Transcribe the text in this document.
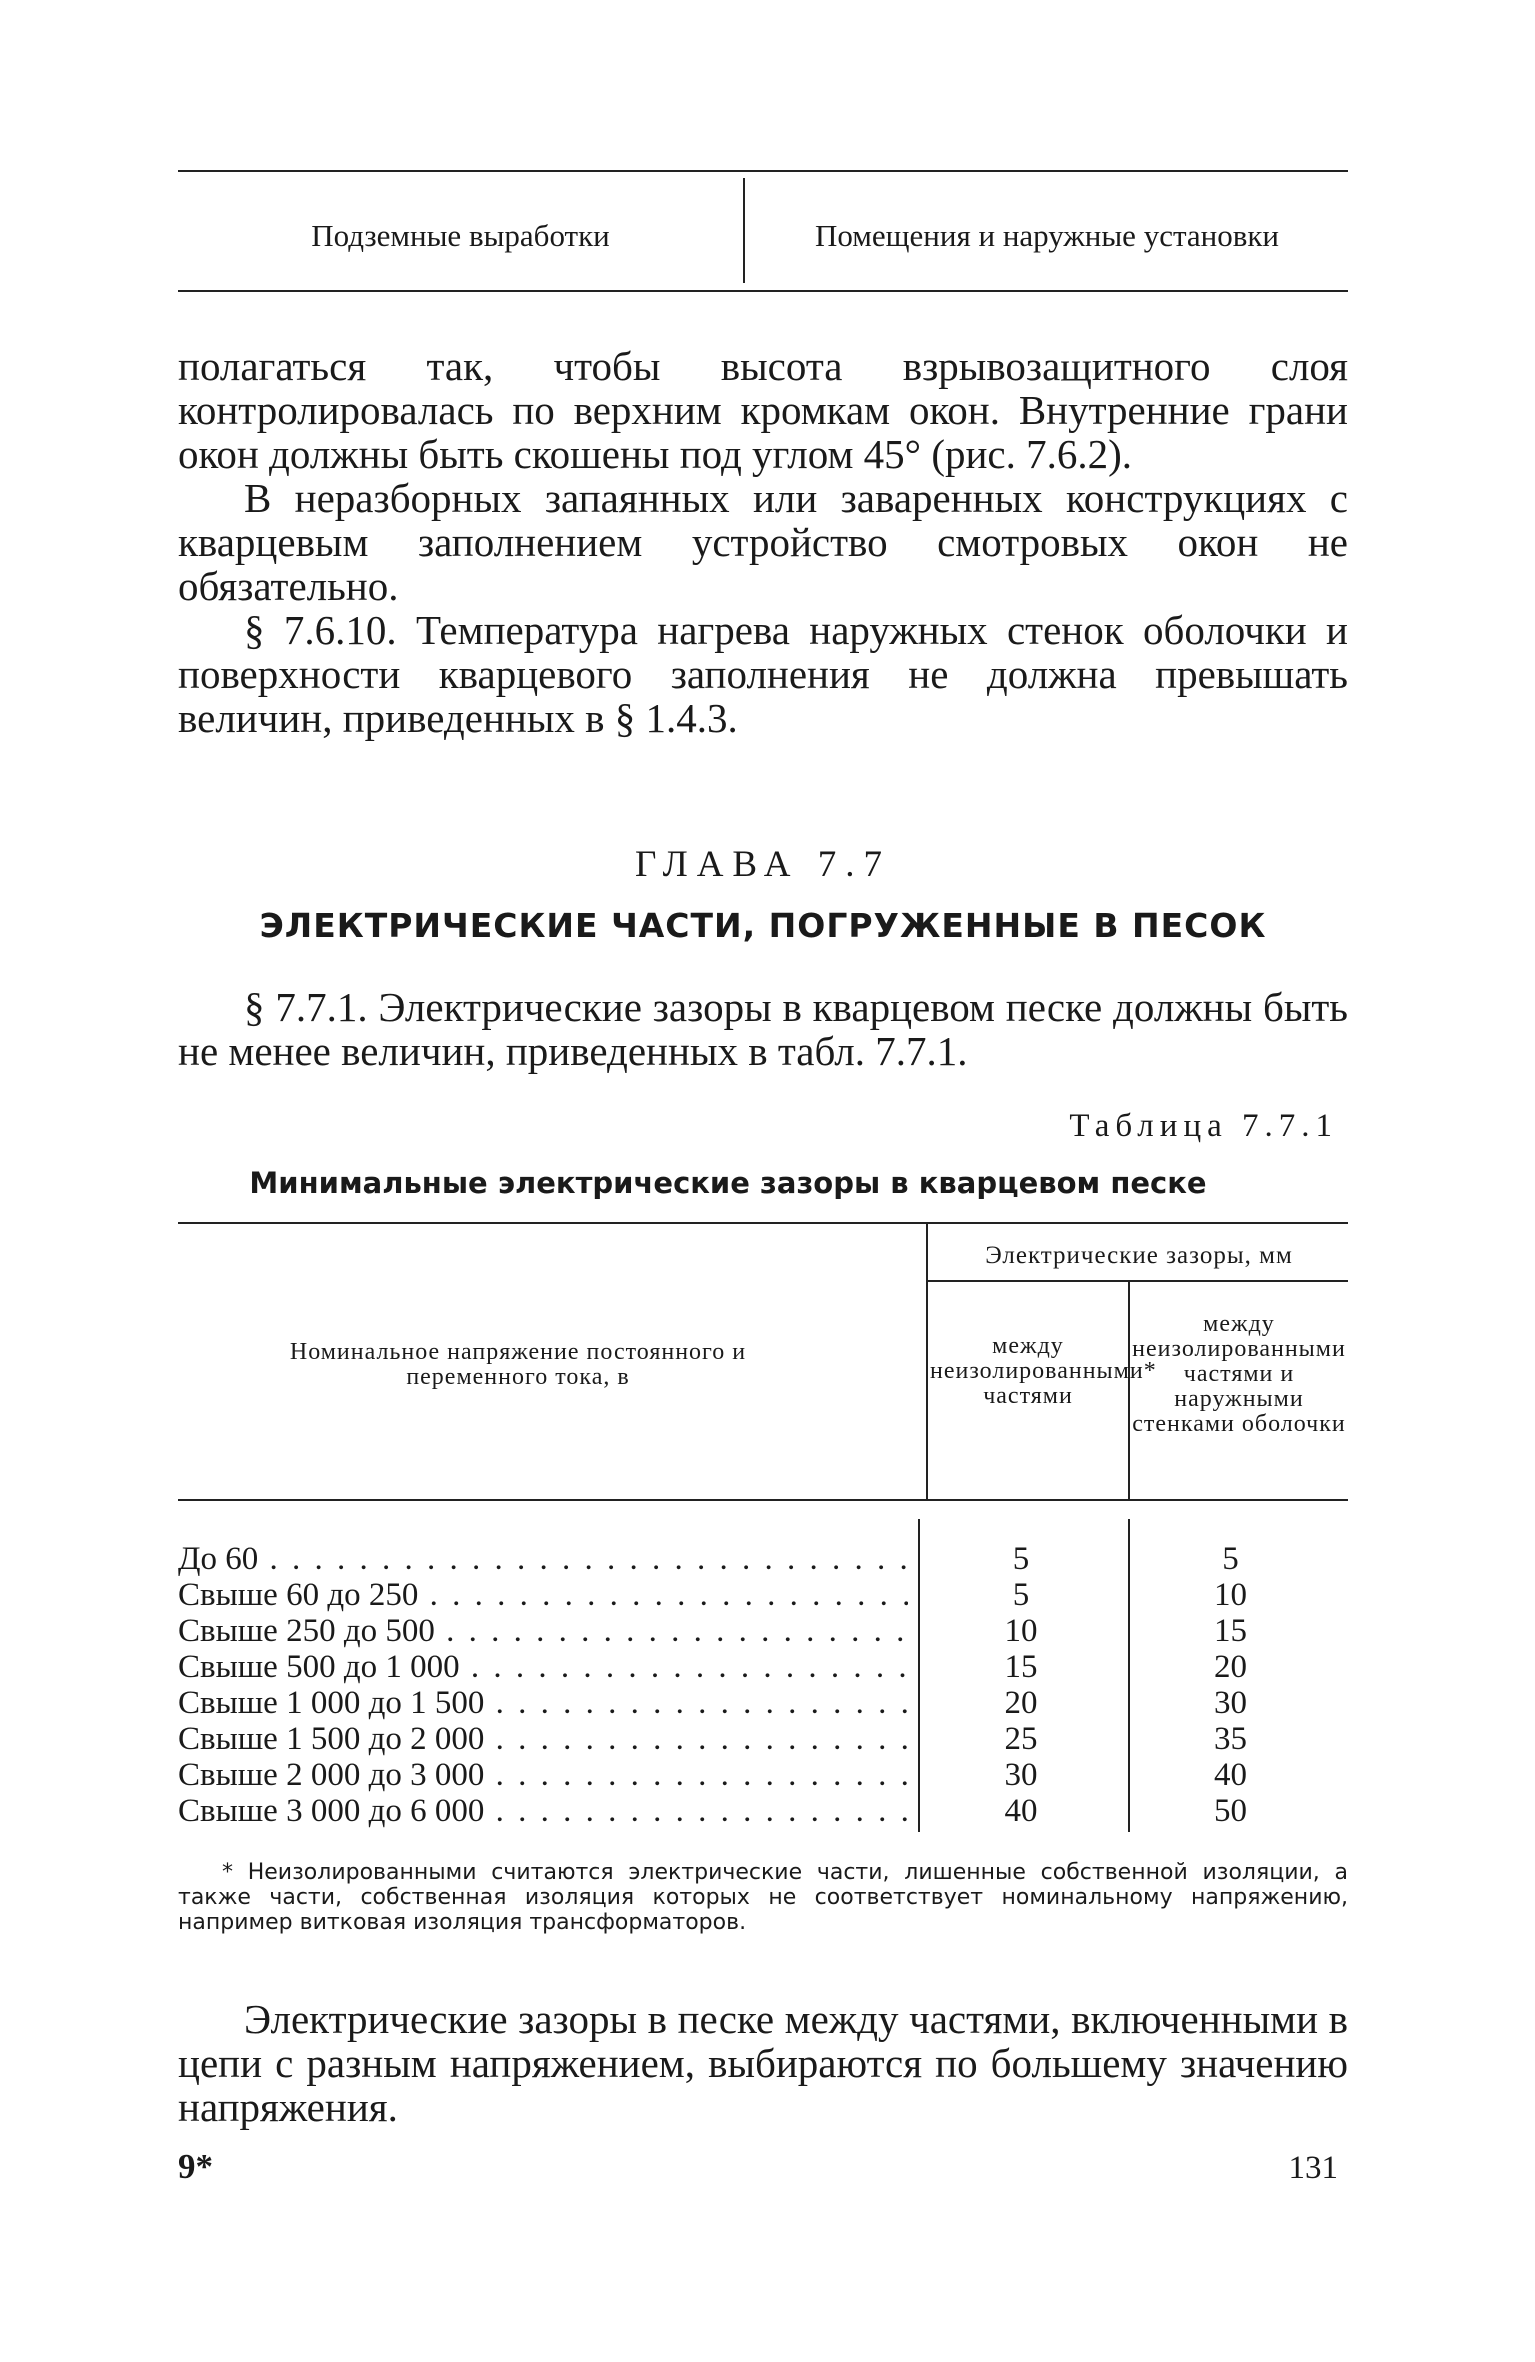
Подземные выработки	Помещения и наружные установки

полагаться так, чтобы высота взрывозащитного слоя контролировалась по верхним кромкам окон. Внутренние грани окон должны быть скошены под углом 45° (рис. 7.6.2).

В неразборных запаянных или заваренных конструкциях с кварцевым заполнением устройство смотровых окон не обязательно.

§ 7.6.10. Температура нагрева наружных стенок оболочки и поверхности кварцевого заполнения не должна превышать величин, приведенных в § 1.4.3.

ГЛАВА 7.7
ЭЛЕКТРИЧЕСКИЕ ЧАСТИ, ПОГРУЖЕННЫЕ В ПЕСОК

§ 7.7.1. Электрические зазоры в кварцевом песке должны быть не менее величин, приведенных в табл. 7.7.1.

Таблица 7.7.1
Минимальные электрические зазоры в кварцевом песке
Электрические зазоры, мм
Номинальное напряжение постоянного и переменного тока, в
между неизолированными* частями
между неизолированными частями и наружными стенками оболочки
До 60 . . .	5	5
Свыше 60 до 250 . . .	5	10
Свыше 250 до 500 . . .	10	15
Свыше 500 до 1 000 . . .	15	20
Свыше 1 000 до 1 500 . . .	20	30
Свыше 1 500 до 2 000 . . .	25	35
Свыше 2 000 до 3 000 . . .	30	40
Свыше 3 000 до 6 000 . . .	40	50

* Неизолированными считаются электрические части, лишенные собственной изоляции, а также части, собственная изоляция которых не соответствует номинальному напряжению, например витковая изоляция трансформаторов.

Электрические зазоры в песке между частями, включенными в цепи с разным напряжением, выбираются по большему значению напряжения.

9*	131
